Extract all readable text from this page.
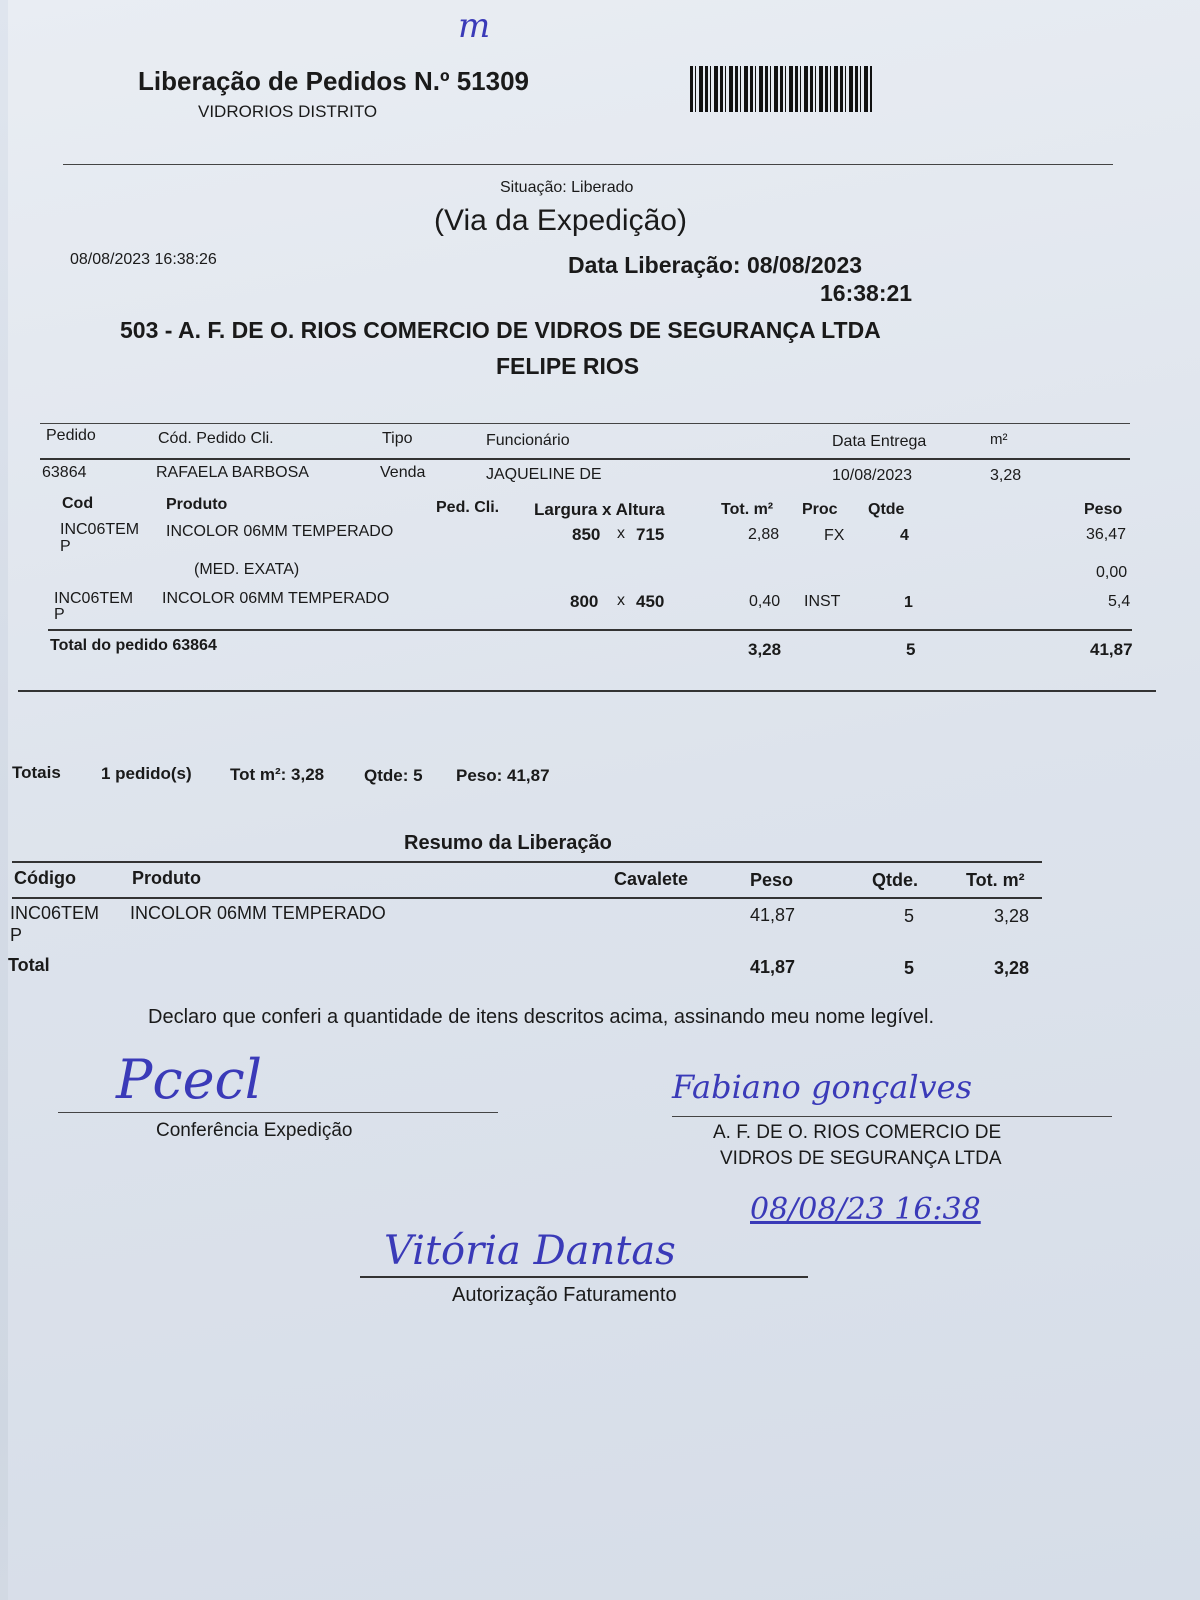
m
Liberação de Pedidos N.º 51309
VIDRORIOS DISTRITO
Situação: Liberado
(Via da Expedição)
08/08/2023 16:38:26	Data Liberação: 08/08/2023
16:38:21
503 - A. F. DE O. RIOS COMERCIO DE VIDROS DE SEGURANÇA LTDA
FELIPE RIOS
Pedido	Cód. Pedido Cli.	Tipo	Funcionário	Data Entrega	m²
63864	RAFAELA BARBOSA	Venda	JAQUELINE DE	10/08/2023	3,28
Cod	Produto	Ped. Cli. Largura x Altura	Tot. m² Proc Qtde	Peso
INC06TEM
P
INCOLOR 06MM TEMPERADO	850 x 715	2,88	FX	4	36,47
(MED. EXATA)	0,00
INC06TEM
P
INCOLOR 06MM TEMPERADO	800 x 450	0,40 INST	1	5,4
Total do pedido 63864	3,28	5	41,87
Totais 1 pedido(s) Tot m²: 3,28 Qtde: 5 Peso: 41,87
Resumo da Liberação
Código	Produto	Cavalete	Peso	Qtde.	Tot. m²
INC06TEM
P
INCOLOR 06MM TEMPERADO	41,87	5	3,28
Total	41,87	5	3,28
Declaro que conferi a quantidade de itens descritos acima, assinando meu nome legível.
Pcecl
Conferência Expedição
Fabiano gonçalves
A. F. DE O. RIOS COMERCIO DE
VIDROS DE SEGURANÇA LTDA
08/08/23 16:38
Vitória Dantas
Autorização Faturamento
